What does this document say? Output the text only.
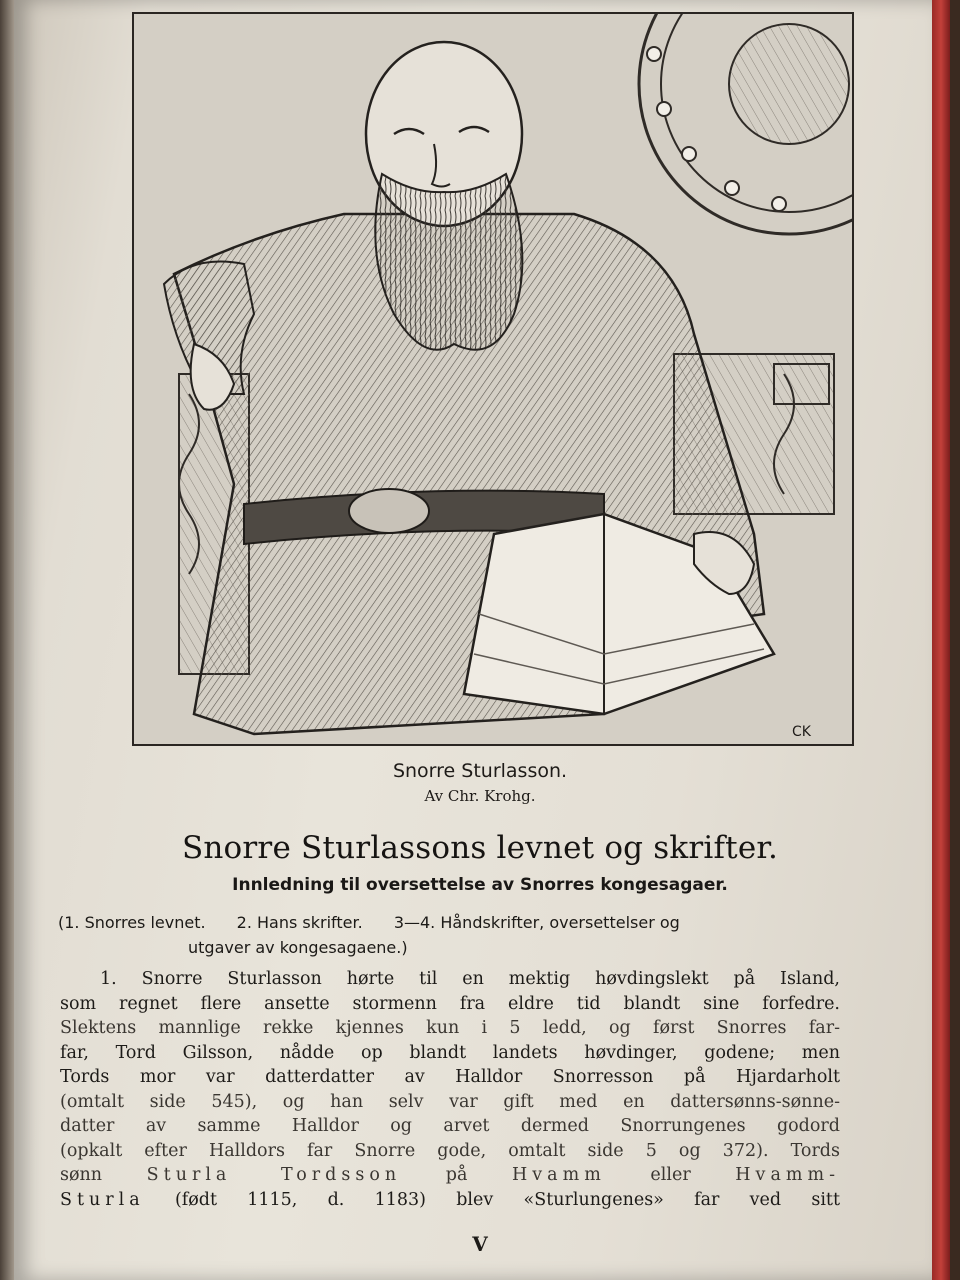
CK
Snorre Sturlasson.
Av Chr. Krohg.
Snorre Sturlassons levnet og skrifter.
Innledning til oversettelse av Snorres kongesagaer.
(1. Snorres levnet. 2. Hans skrifter. 3—4. Håndskrifter, oversettelser og
utgaver av kongesagaene.)
1. Snorre Sturlasson hørte til en mektig høvdingslekt på Island,
som regnet flere ansette stormenn fra eldre tid blandt sine forfedre.
Slektens mannlige rekke kjennes kun i 5 ledd, og først Snorres far-
far, Tord Gilsson, nådde op blandt landets høvdinger, godene; men
Tords mor var datterdatter av Halldor Snorresson på Hjardarholt
(omtalt side 545), og han selv var gift med en dattersønns-sønne-
datter av samme Halldor og arvet dermed Snorrungenes godord
(opkalt efter Halldors far Snorre gode, omtalt side 5 og 372). Tords
sønn	Sturla Tordsson	på	Hvamm	eller	Hvamm-
Sturla (født 1115, d. 1183) blev «Sturlungenes» far ved sitt
V
